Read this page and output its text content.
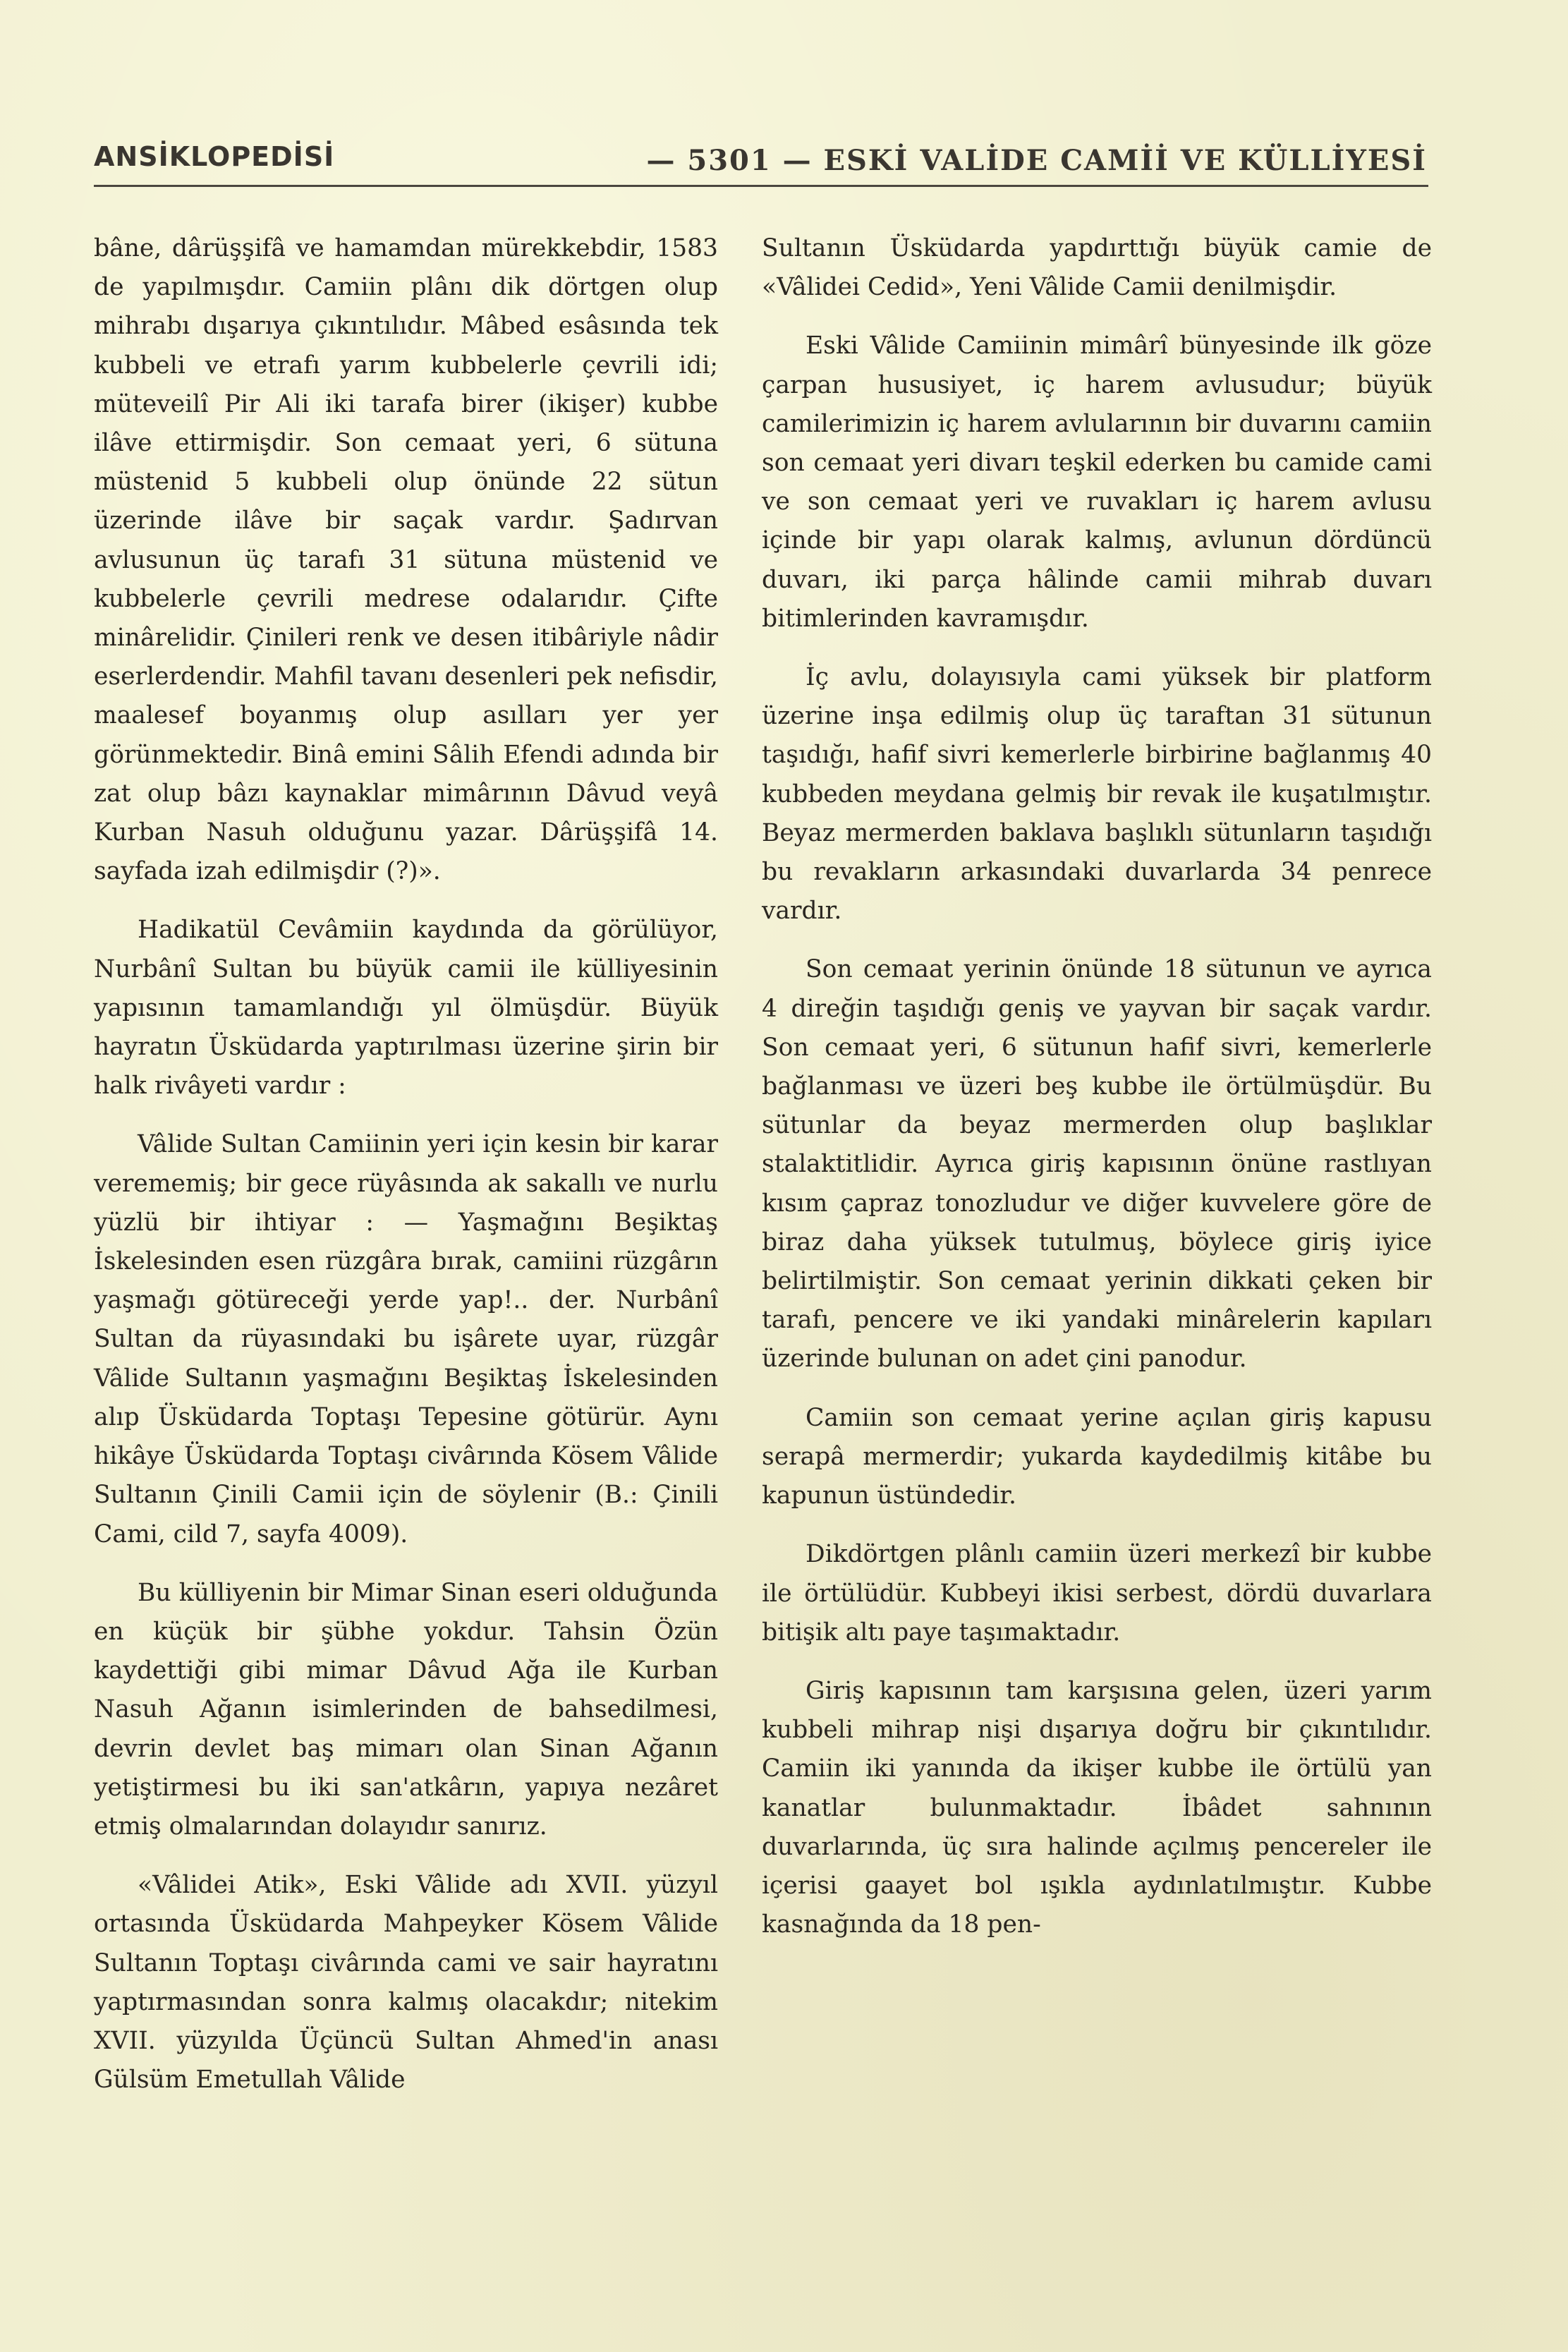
ANSİKLOPEDİSİ	— 5301 — ESKİ VALİDE CAMİİ VE KÜLLİYESİ

bâne, dârüşşifâ ve hamamdan mürekkebdir, 1583 de yapılmışdır. Camiin plânı dik dörtgen olup mihrabı dışarıya çıkıntılıdır. Mâbed esâsında tek kubbeli ve etrafı yarım kubbelerle çevrili idi; müteveilî Pir Ali iki tarafa birer (ikişer) kubbe ilâve ettirmişdir. Son cemaat yeri, 6 sütuna müstenid 5 kubbeli olup önünde 22 sütun üzerinde ilâve bir saçak vardır. Şadırvan avlusunun üç tarafı 31 sütuna müstenid ve kubbelerle çevrili medrese odalarıdır. Çifte minârelidir. Çinileri renk ve desen itibâriyle nâdir eserlerdendir. Mahfil tavanı desenleri pek nefisdir, maalesef boyanmış olup asılları yer yer görünmektedir. Binâ emini Sâlih Efendi adında bir zat olup bâzı kaynaklar mimârının Dâvud veyâ Kurban Nasuh olduğunu yazar. Dârüşşifâ 14. sayfada izah edilmişdir (?)».

Hadikatül Cevâmiin kaydında da görülüyor, Nurbânî Sultan bu büyük camii ile külliyesinin yapısının tamamlandığı yıl ölmüşdür. Büyük hayratın Üsküdarda yaptırılması üzerine şirin bir halk rivâyeti vardır :

Vâlide Sultan Camiinin yeri için kesin bir karar verememiş; bir gece rüyâsında ak sakallı ve nurlu yüzlü bir ihtiyar : — Yaşmağını Beşiktaş İskelesinden esen rüzgâra bırak, camiini rüzgârın yaşmağı götüreceği yerde yap!.. der. Nurbânî Sultan da rüyasındaki bu işârete uyar, rüzgâr Vâlide Sultanın yaşmağını Beşiktaş İskelesinden alıp Üsküdarda Toptaşı Tepesine götürür. Aynı hikâye Üsküdarda Toptaşı civârında Kösem Vâlide Sultanın Çinili Camii için de söylenir (B.: Çinili Cami, cild 7, sayfa 4009).

Bu külliyenin bir Mimar Sinan eseri olduğunda en küçük bir şübhe yokdur. Tahsin Özün kaydettiği gibi mimar Dâvud Ağa ile Kurban Nasuh Ağanın isimlerinden de bahsedilmesi, devrin devlet baş mimarı olan Sinan Ağanın yetiştirmesi bu iki san'atkârın, yapıya nezâret etmiş olmalarından dolayıdır sanırız.

«Vâlidei Atik», Eski Vâlide adı XVII. yüzyıl ortasında Üsküdarda Mahpeyker Kösem Vâlide Sultanın Toptaşı civârında cami ve sair hayratını yaptırmasından sonra kalmış olacakdır; nitekim XVII. yüzyılda Üçüncü Sultan Ahmed'in anası Gülsüm Emetullah Vâlide

Sultanın Üsküdarda yapdırttığı büyük camie de «Vâlidei Cedid», Yeni Vâlide Camii denilmişdir.

Eski Vâlide Camiinin mimârî bünyesinde ilk göze çarpan hususiyet, iç harem avlusudur; büyük camilerimizin iç harem avlularının bir duvarını camiin son cemaat yeri divarı teşkil ederken bu camide cami ve son cemaat yeri ve ruvakları iç harem avlusu içinde bir yapı olarak kalmış, avlunun dördüncü duvarı, iki parça hâlinde camii mihrab duvarı bitimlerinden kavramışdır.

İç avlu, dolayısıyla cami yüksek bir platform üzerine inşa edilmiş olup üç taraftan 31 sütunun taşıdığı, hafif sivri kemerlerle birbirine bağlanmış 40 kubbeden meydana gelmiş bir revak ile kuşatılmıştır. Beyaz mermerden baklava başlıklı sütunların taşıdığı bu revakların arkasındaki duvarlarda 34 penrece vardır.

Son cemaat yerinin önünde 18 sütunun ve ayrıca 4 direğin taşıdığı geniş ve yayvan bir saçak vardır. Son cemaat yeri, 6 sütunun hafif sivri, kemerlerle bağlanması ve üzeri beş kubbe ile örtülmüşdür. Bu sütunlar da beyaz mermerden olup başlıklar stalaktitlidir. Ayrıca giriş kapısının önüne rastlıyan kısım çapraz tonozludur ve diğer kuvvelere göre de biraz daha yüksek tutulmuş, böylece giriş iyice belirtilmiştir. Son cemaat yerinin dikkati çeken bir tarafı, pencere ve iki yandaki minârelerin kapıları üzerinde bulunan on adet çini panodur.

Camiin son cemaat yerine açılan giriş kapusu serapâ mermerdir; yukarda kaydedilmiş kitâbe bu kapunun üstündedir.

Dikdörtgen plânlı camiin üzeri merkezî bir kubbe ile örtülüdür. Kubbeyi ikisi serbest, dördü duvarlara bitişik altı paye taşımaktadır.

Giriş kapısının tam karşısına gelen, üzeri yarım kubbeli mihrap nişi dışarıya doğru bir çıkıntılıdır. Camiin iki yanında da ikişer kubbe ile örtülü yan kanatlar bulunmaktadır. İbâdet sahnının duvarlarında, üç sıra halinde açılmış pencereler ile içerisi gaayet bol ışıkla aydınlatılmıştır. Kubbe kasnağında da 18 pen-
